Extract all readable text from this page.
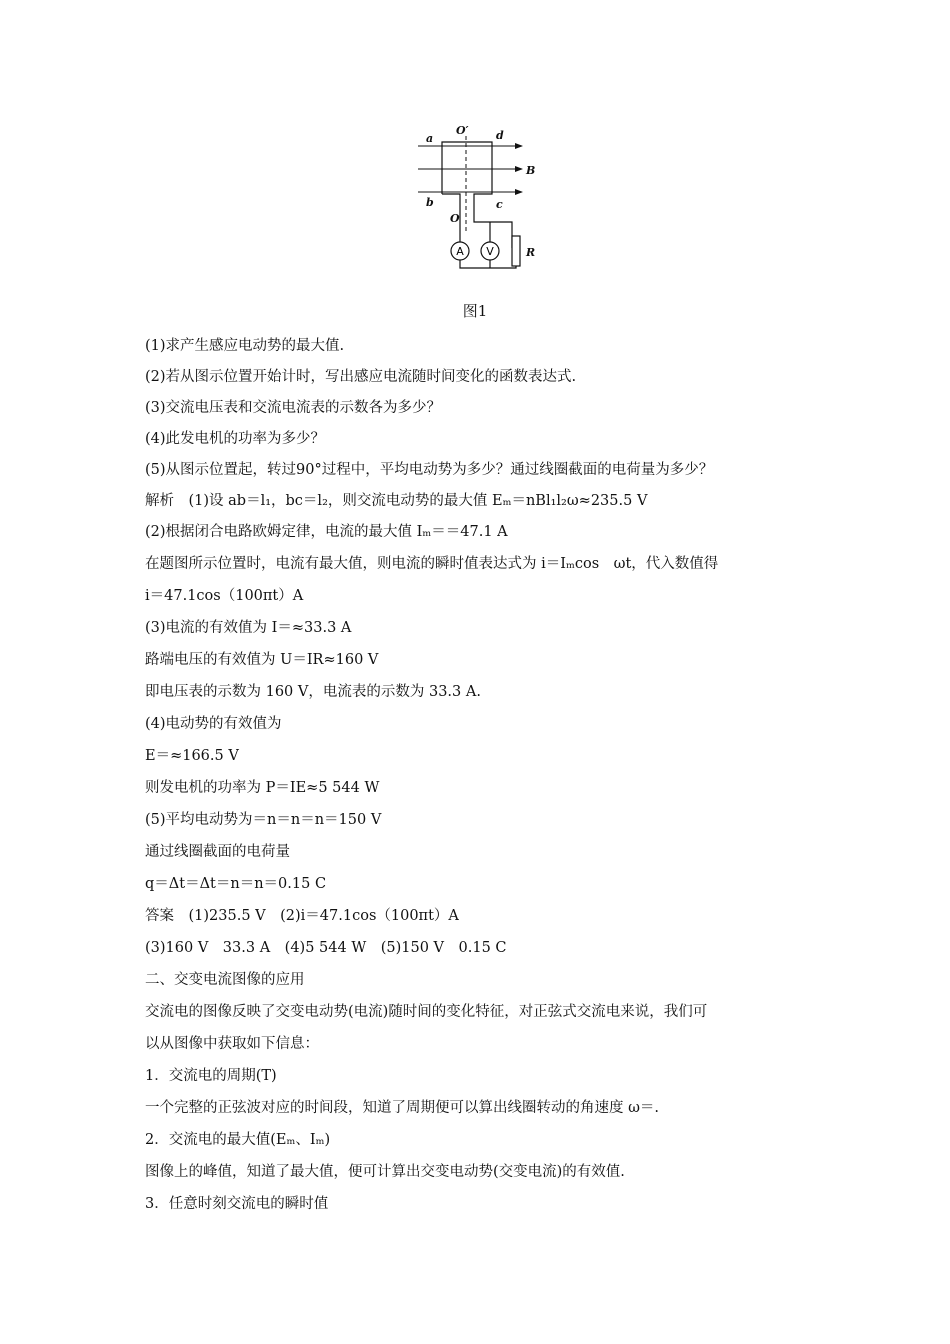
A V
a	d
O′
b	c
O
B
R
图1
(1)求产生感应电动势的最大值.
(2)若从图示位置开始计时，写出感应电流随时间变化的函数表达式.
(3)交流电压表和交流电流表的示数各为多少？
(4)此发电机的功率为多少？
(5)从图示位置起，转过90°过程中，平均电动势为多少？通过线圈截面的电荷量为多少？
解析　(1)设 ab＝l₁，bc＝l₂，则交流电动势的最大值 Eₘ＝nBl₁l₂ω≈235.5 V
(2)根据闭合电路欧姆定律，电流的最大值 Iₘ＝＝47.1 A
在题图所示位置时，电流有最大值，则电流的瞬时值表达式为 i＝Iₘcos　ωt，代入数值得
i＝47.1cos（100πt）A
(3)电流的有效值为 I＝≈33.3 A
路端电压的有效值为 U＝IR≈160 V
即电压表的示数为 160 V，电流表的示数为 33.3 A.
(4)电动势的有效值为
E＝≈166.5 V
则发电机的功率为 P＝IE≈5 544 W
(5)平均电动势为＝n＝n＝n＝150 V
通过线圈截面的电荷量
q＝Δt＝Δt＝n＝n＝0.15 C
答案　(1)235.5 V　(2)i＝47.1cos（100πt）A
(3)160 V　33.3 A　(4)5 544 W　(5)150 V　0.15 C
二、交变电流图像的应用
交流电的图像反映了交变电动势(电流)随时间的变化特征，对正弦式交流电来说，我们可
以从图像中获取如下信息：
1．交流电的周期(T)
一个完整的正弦波对应的时间段，知道了周期便可以算出线圈转动的角速度 ω＝.
2．交流电的最大值(Eₘ、Iₘ)
图像上的峰值，知道了最大值，便可计算出交变电动势(交变电流)的有效值.
3．任意时刻交流电的瞬时值
